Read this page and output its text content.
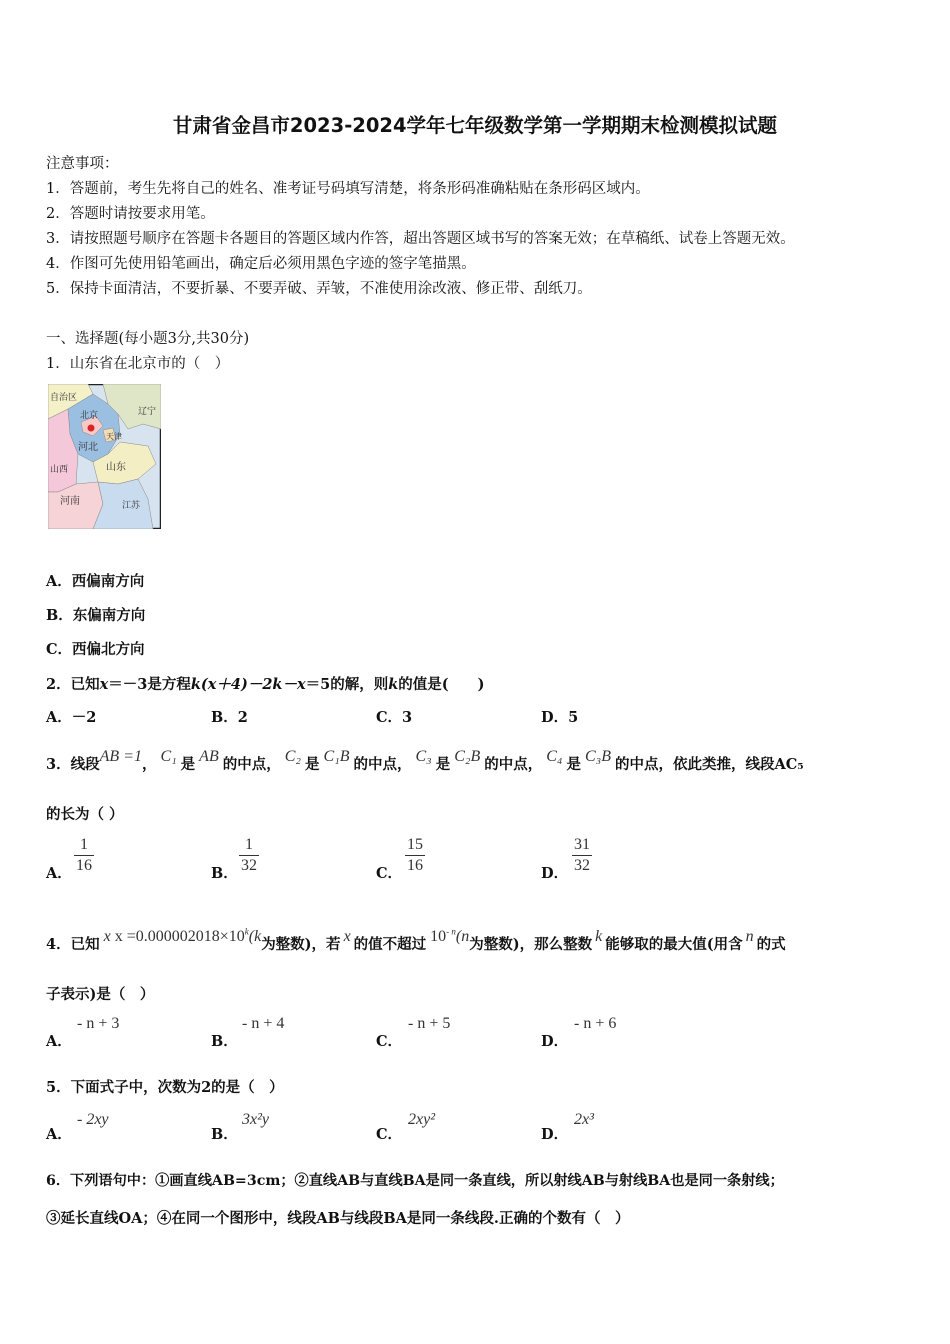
甘肃省金昌市2023-2024学年七年级数学第一学期期末检测模拟试题
注意事项：
1．答题前，考生先将自己的姓名、准考证号码填写清楚，将条形码准确粘贴在条形码区域内。
2．答题时请按要求用笔。
3．请按照题号顺序在答题卡各题目的答题区域内作答，超出答题区域书写的答案无效；在草稿纸、试卷上答题无效。
4．作图可先使用铅笔画出，确定后必须用黑色字迹的签字笔描黑。
5．保持卡面清洁，不要折暴、不要弄破、弄皱，不准使用涂改液、修正带、刮纸刀。
一、选择题(每小题3分,共30分)
1．山东省在北京市的（　）
自治区
北京	辽宁
天津
河北
山西	山东
河南	江苏
A．西偏南方向
B．东偏南方向
C．西偏北方向
2．已知x＝－3是方程k(x＋4)－2k－x＝5的解，则k的值是(　　)
A．－2	B．2	C．3	D．5
3．线段AB =1， C₁ 是 AB 的中点， C₂ 是 C₁B 的中点， C₃ 是 C₂B 的中点， C₄ 是 C₃B 的中点，依此类推，线段AC₅
的长为（ ）
A．
1
16	B．
1
32	C．
15
16	D．
31
32
4．已知 x $x =0.000002018\times 10^k(k$为整数)，若 x 的值不超过 $10^{- n}(n$为整数)，那么整数 k 能够取的最大值(用含 n 的式
子表示)是（　）
A．
- n + 3
B．
- n + 4
C．
- n + 5
D．
- n + 6
5．下面式子中，次数为2的是（　）
A．
- 2xy
B．
3x²y
C．
2xy²
D．
2x³
6．下列语句中：①画直线AB=3cm；②直线AB与直线BA是同一条直线，所以射线AB与射线BA也是同一条射线；
③延长直线OA；④在同一个图形中，线段AB与线段BA是同一条线段.正确的个数有（　）
